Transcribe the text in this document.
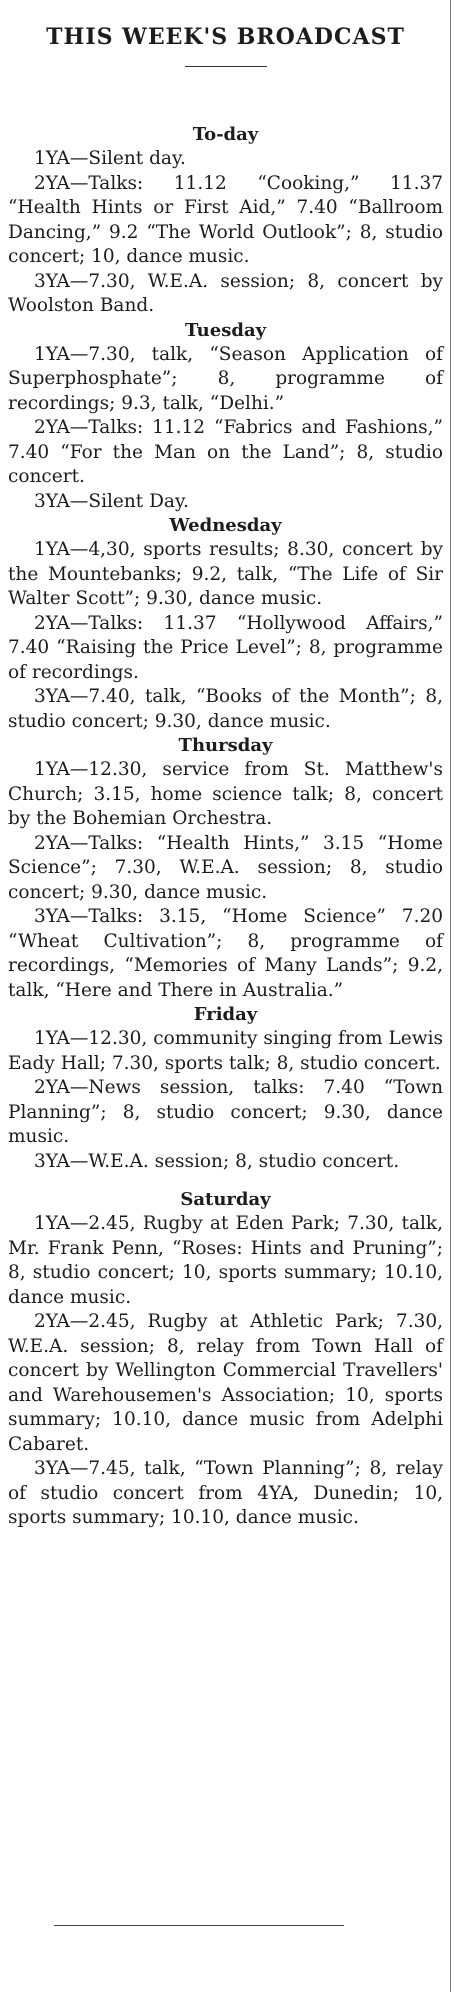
THIS WEEK'S BROADCAST
To-day

1YA—Silent day.

2YA—Talks: 11.12 “Cooking,” 11.37 “Health Hints or First Aid,” 7.40 “Ballroom Dancing,” 9.2 “The World Outlook”; 8, studio concert; 10, dance music.

3YA—7.30, W.E.A. session; 8, concert by Woolston Band.

Tuesday

1YA—7.30, talk, “Season Application of Superphosphate”; 8, programme of recordings; 9.3, talk, “Delhi.”

2YA—Talks: 11.12 “Fabrics and Fashions,” 7.40 “For the Man on the Land”; 8, studio concert.

3YA—Silent Day.

Wednesday

1YA—4,30, sports results; 8.30, concert by the Mountebanks; 9.2, talk, “The Life of Sir Walter Scott”; 9.30, dance music.

2YA—Talks: 11.37 “Hollywood Affairs,” 7.40 “Raising the Price Level”; 8, programme of recordings.

3YA—7.40, talk, “Books of the Month”; 8, studio concert; 9.30, dance music.

Thursday

1YA—12.30, service from St. Matthew's Church; 3.15, home science talk; 8, concert by the Bohemian Orchestra.

2YA—Talks: “Health Hints,” 3.15 “Home Science”; 7.30, W.E.A. session; 8, studio concert; 9.30, dance music.

3YA—Talks: 3.15, “Home Science” 7.20 “Wheat Cultivation”; 8, programme of recordings, “Memories of Many Lands”; 9.2, talk, “Here and There in Australia.”

Friday

1YA—12.30, community singing from Lewis Eady Hall; 7.30, sports talk; 8, studio concert.

2YA—News session, talks: 7.40 “Town Planning”; 8, studio concert; 9.30, dance music.

3YA—W.E.A. session; 8, studio concert.

Saturday

1YA—2.45, Rugby at Eden Park; 7.30, talk, Mr. Frank Penn, “Roses: Hints and Pruning”; 8, studio concert; 10, sports summary; 10.10, dance music.

2YA—2.45, Rugby at Athletic Park; 7.30, W.E.A. session; 8, relay from Town Hall of concert by Wellington Commercial Travellers' and Warehousemen's Association; 10, sports summary; 10.10, dance music from Adelphi Cabaret.

3YA—7.45, talk, “Town Planning”; 8, relay of studio concert from 4YA, Dunedin; 10, sports summary; 10.10, dance music.
